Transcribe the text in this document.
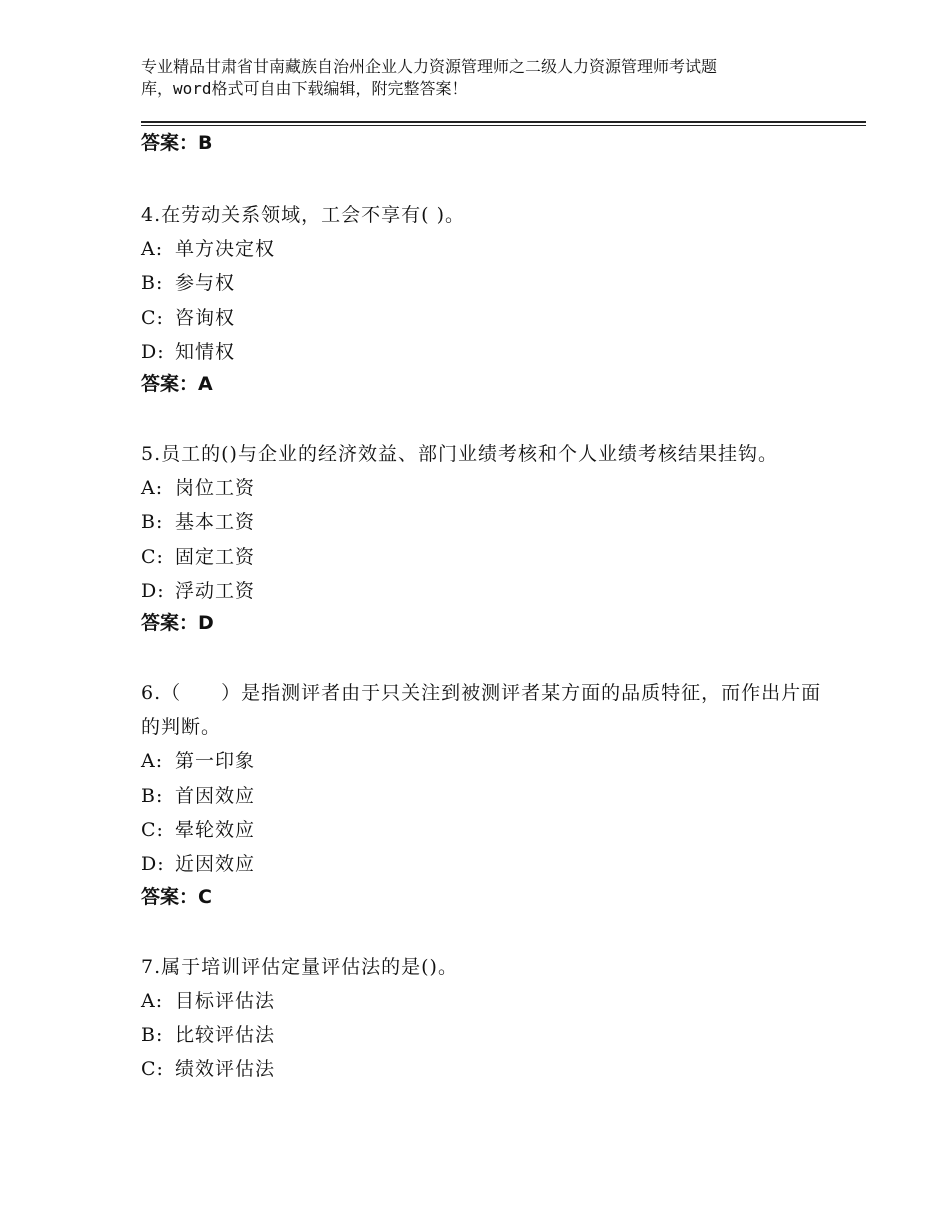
专业精品甘肃省甘南藏族自治州企业人力资源管理师之二级人力资源管理师考试题
库，word格式可自由下载编辑，附完整答案！
答案：B
4.在劳动关系领域，工会不享有( )。
A: 单方决定权
B: 参与权
C: 咨询权
D: 知情权
答案：A
5.员工的()与企业的经济效益、部门业绩考核和个人业绩考核结果挂钩。
A: 岗位工资
B: 基本工资
C: 固定工资
D: 浮动工资
答案：D
6.（　　）是指测评者由于只关注到被测评者某方面的品质特征，而作出片面的判断。
A: 第一印象
B: 首因效应
C: 晕轮效应
D: 近因效应
答案：C
7.属于培训评估定量评估法的是()。
A: 目标评估法
B: 比较评估法
C: 绩效评估法
